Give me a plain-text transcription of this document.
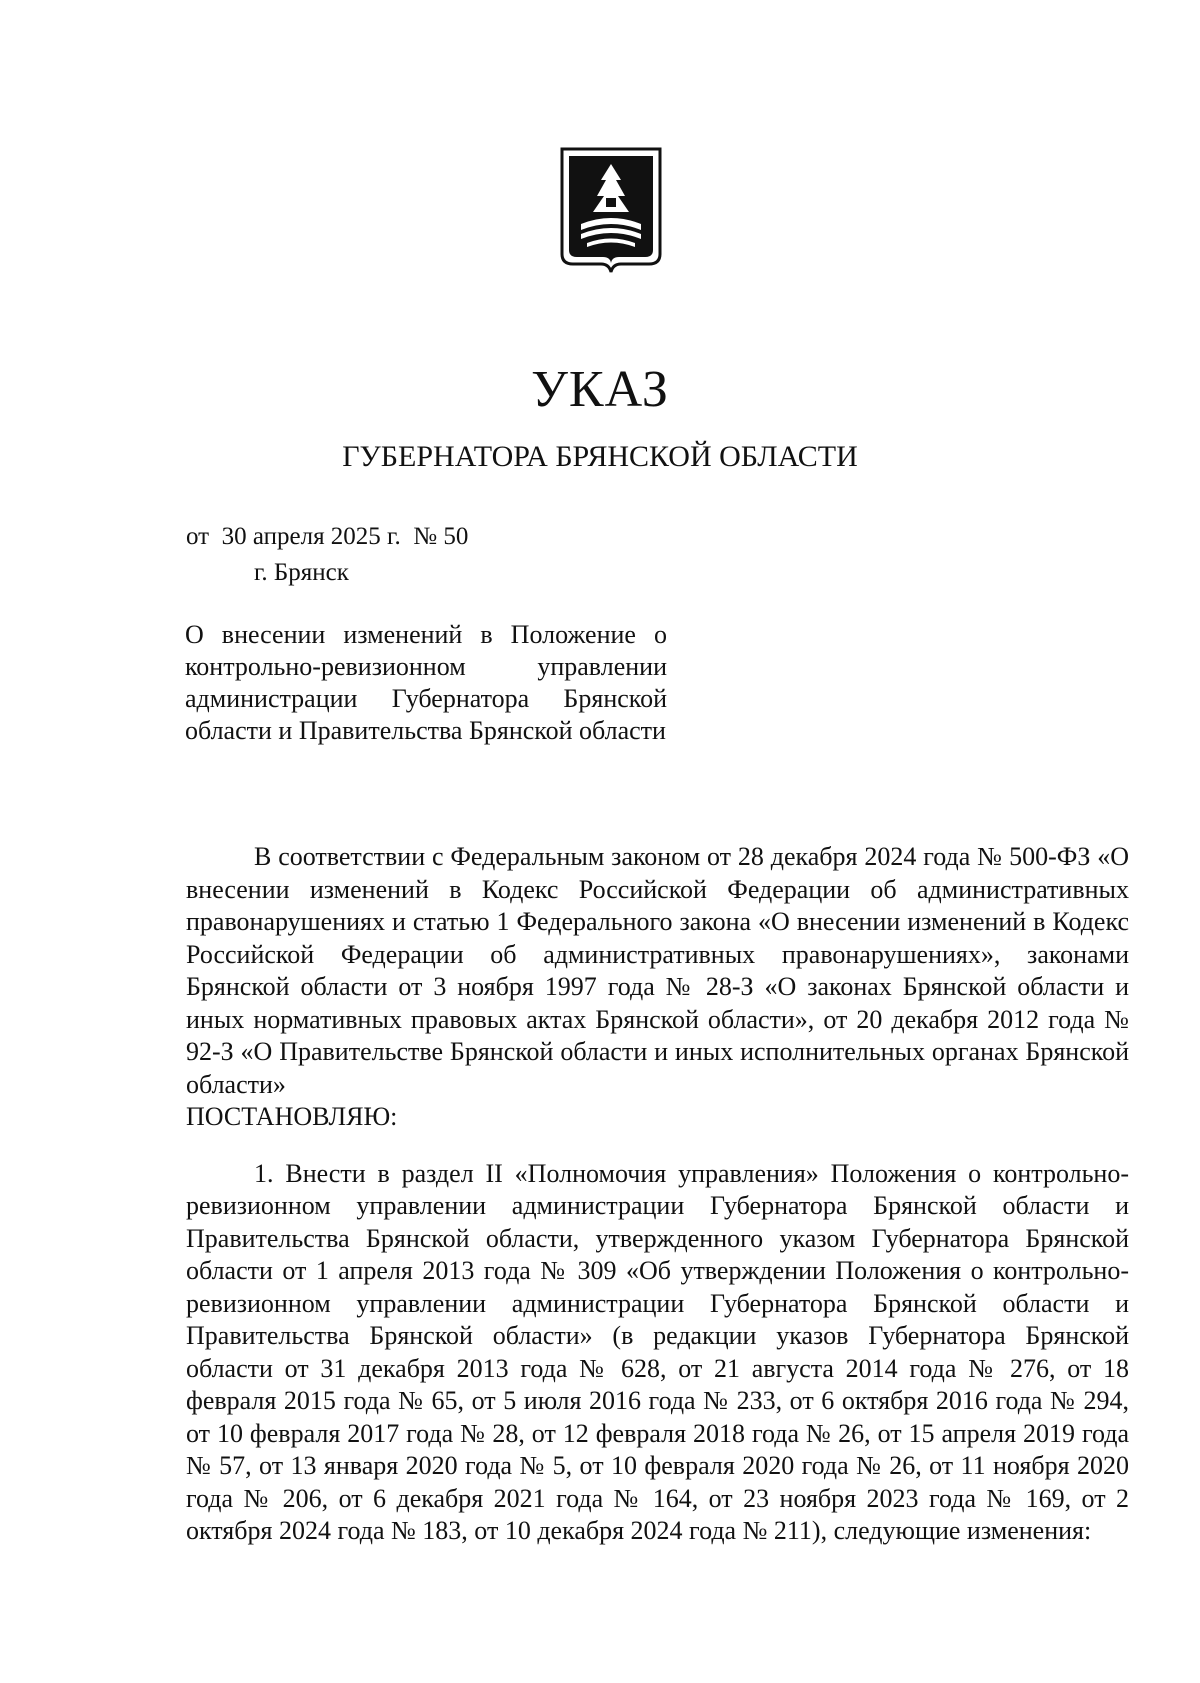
УКАЗ
ГУБЕРНАТОРА БРЯНСКОЙ ОБЛАСТИ
от  30 апреля 2025 г.  № 50
г. Брянск
О внесении изменений в Положение о контрольно-ревизионном управлении администрации Губернатора Брянской области и Правительства Брянской области

В соответствии с Федеральным законом от 28 декабря 2024 года № 500-ФЗ «О внесении изменений в Кодекс Российской Федерации об административных правонарушениях и статью 1 Федерального закона «О внесении изменений в Кодекс Российской Федерации об административных правонарушениях», законами Брянской области от 3 ноября 1997 года № 28-З «О законах Брянской области и иных нормативных правовых актах Брянской области», от 20 декабря 2012 года № 92-З «О Правительстве Брянской области и иных исполнительных органах Брянской области»

ПОСТАНОВЛЯЮ:

1. Внести в раздел II «Полномочия управления» Положения о контрольно-ревизионном управлении администрации Губернатора Брянской области и Правительства Брянской области, утвержденного указом Губернатора Брянской области от 1 апреля 2013 года № 309 «Об утверждении Положения о контрольно-ревизионном управлении администрации Губернатора Брянской области и Правительства Брянской области» (в редакции указов Губернатора Брянской области от 31 декабря 2013 года № 628, от 21 августа 2014 года № 276, от 18 февраля 2015 года № 65, от 5 июля 2016 года № 233, от 6 октября 2016 года № 294, от 10 февраля 2017 года № 28, от 12 февраля 2018 года № 26, от 15 апреля 2019 года № 57, от 13 января 2020 года № 5, от 10 февраля 2020 года № 26, от 11 ноября 2020 года № 206, от 6 декабря 2021 года № 164, от 23 ноября 2023 года № 169, от 2 октября 2024 года № 183, от 10 декабря 2024 года № 211), следующие изменения:
